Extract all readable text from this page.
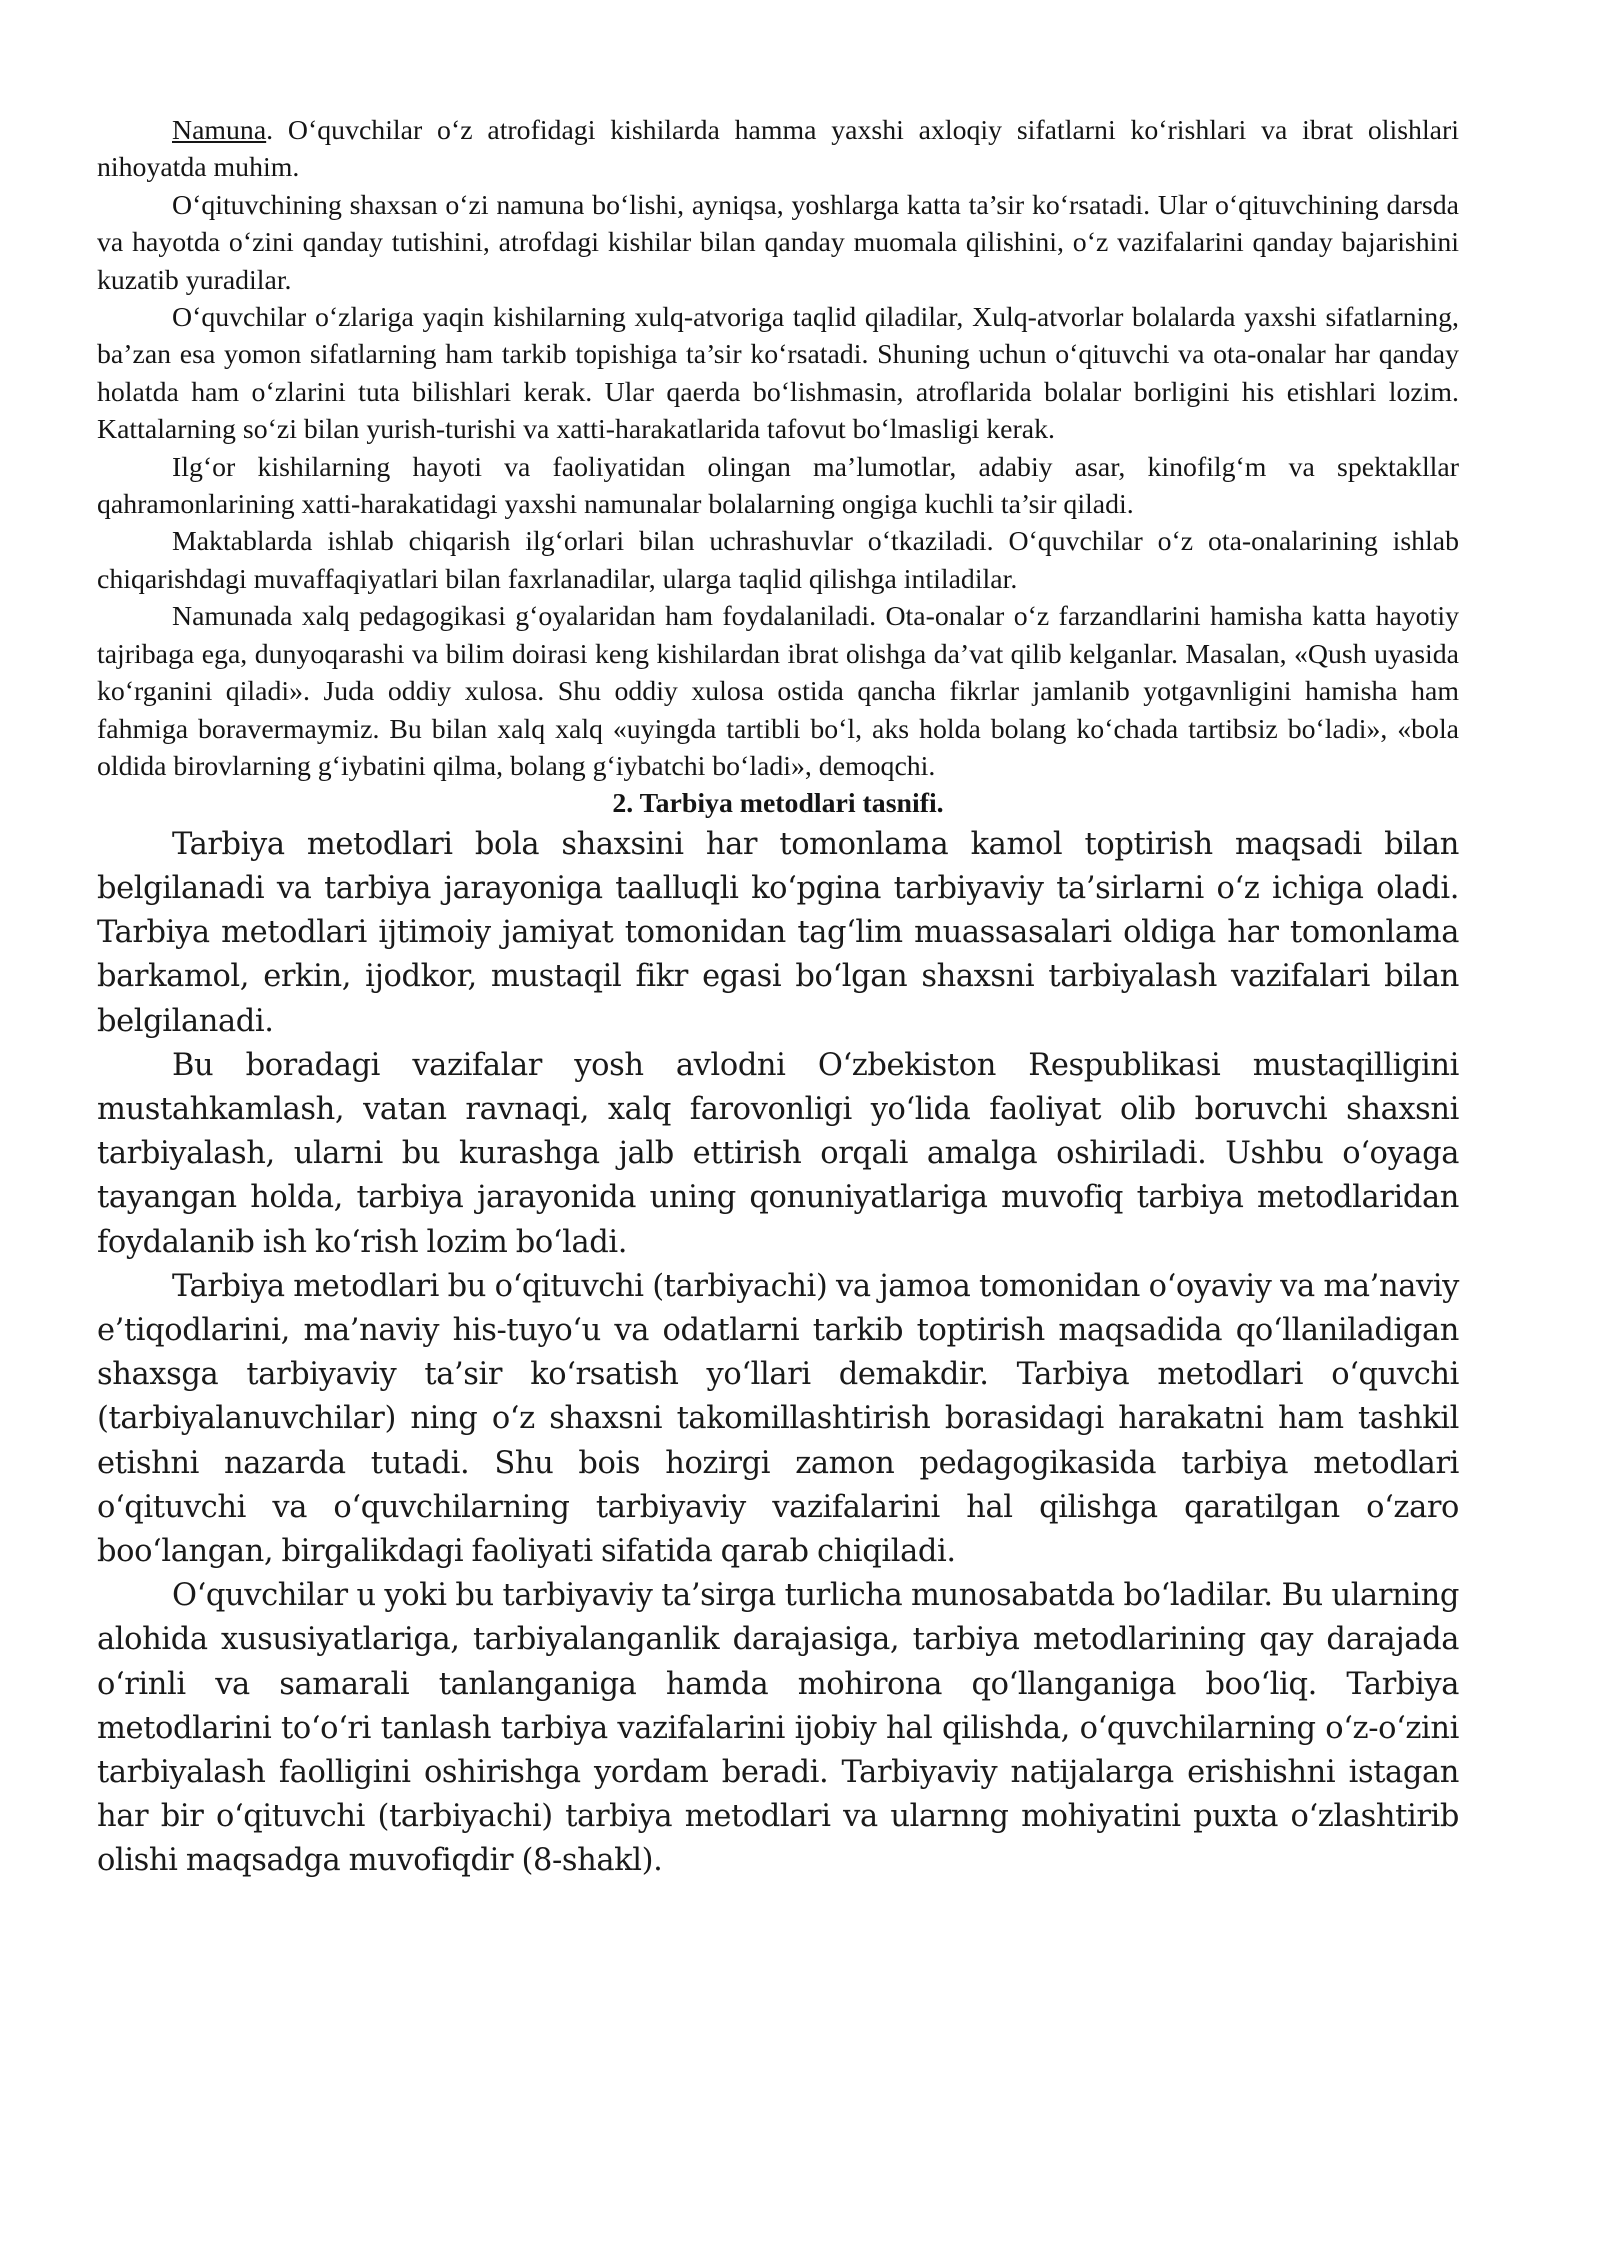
Namuna. O‘quvchilar o‘z atrofidagi kishilarda hamma yaxshi axloqiy sifatlarni ko‘rishlari va ibrat olishlari nihoyatda muhim.

O‘qituvchining shaxsan o‘zi namuna bo‘lishi, ayniqsa, yoshlarga katta ta’sir ko‘rsatadi. Ular o‘qituvchining darsda va hayotda o‘zini qanday tutishini, atrofdagi kishilar bilan qanday muomala qilishini, o‘z vazifalarini qanday bajarishini kuzatib yuradilar.

O‘quvchilar o‘zlariga yaqin kishilarning xulq-atvoriga taqlid qiladilar, Xulq-atvorlar bolalarda yaxshi sifatlarning, ba’zan esa yomon sifatlarning ham tarkib topishiga ta’sir ko‘rsatadi. Shuning uchun o‘qituvchi va ota-onalar har qanday holatda ham o‘zlarini tuta bilishlari kerak. Ular qaerda bo‘lishmasin, atroflarida bolalar borligini his etishlari lozim. Kattalarning so‘zi bilan yurish-turishi va xatti-harakatlarida tafovut bo‘lmasligi kerak.

Ilg‘or kishilarning hayoti va faoliyatidan olingan ma’lumotlar, adabiy asar, kinofilg‘m va spektakllar qahramonlarining xatti-harakatidagi yaxshi namunalar bolalarning ongiga kuchli ta’sir qiladi.

Maktablarda ishlab chiqarish ilg‘orlari bilan uchrashuvlar o‘tkaziladi. O‘quvchilar o‘z ota-onalarining ishlab chiqarishdagi muvaffaqiyatlari bilan faxrlanadilar, ularga taqlid qilishga intiladilar.

Namunada xalq pedagogikasi g‘oyalaridan ham foydalaniladi. Ota-onalar o‘z farzandlarini hamisha katta hayotiy tajribaga ega, dunyoqarashi va bilim doirasi keng kishilardan ibrat olishga da’vat qilib kelganlar. Masalan, «Qush uyasida ko‘rganini qiladi». Juda oddiy xulosa. Shu oddiy xulosa ostida qancha fikrlar jamlanib yotgavnligini hamisha ham fahmiga boravermaymiz. Bu bilan xalq xalq «uyingda tartibli bo‘l, aks holda bolang ko‘chada tartibsiz bo‘ladi», «bola oldida birovlarning g‘iybatini qilma, bolang g‘iybatchi bo‘ladi», demoqchi.

2. Tarbiya metodlari tasnifi.

Tarbiya metodlari bola shaxsini har tomonlama kamol toptirish maqsadi bilan belgilanadi va tarbiya jarayoniga taalluqli ko‘pgina tarbiyaviy ta’sirlarni o‘z ichiga oladi. Tarbiya metodlari ijtimoiy jamiyat tomonidan tag‘lim muassasalari oldiga har tomonlama barkamol, erkin, ijodkor, mustaqil fikr egasi bo‘lgan shaxsni tarbiyalash vazifalari bilan belgilanadi.

Bu boradagi vazifalar yosh avlodni O‘zbekiston Respublikasi mustaqilligini mustahkamlash, vatan ravnaqi, xalq farovonligi yo‘lida faoliyat olib boruvchi shaxsni tarbiyalash, ularni bu kurashga jalb ettirish orqali amalga oshiriladi. Ushbu o‘oyaga tayangan holda, tarbiya jarayonida uning qonuniyatlariga muvofiq tarbiya metodlaridan foydalanib ish ko‘rish lozim bo‘ladi.

Tarbiya metodlari bu o‘qituvchi (tarbiyachi) va jamoa tomonidan o‘oyaviy va ma’naviy e’tiqodlarini, ma’naviy his-tuyo‘u va odatlarni tarkib toptirish maqsadida qo‘llaniladigan shaxsga tarbiyaviy ta’sir ko‘rsatish yo‘llari demakdir. Tarbiya metodlari o‘quvchi (tarbiyalanuvchilar) ning o‘z shaxsni takomillashtirish borasidagi harakatni ham tashkil etishni nazarda tutadi. Shu bois hozirgi zamon pedagogikasida tarbiya metodlari o‘qituvchi va o‘quvchilarning tarbiyaviy vazifalarini hal qilishga qaratilgan o‘zaro boo‘langan, birgalikdagi faoliyati sifatida qarab chiqiladi.

O‘quvchilar u yoki bu tarbiyaviy ta’sirga turlicha munosabatda bo‘ladilar. Bu ularning alohida xususiyatlariga, tarbiyalanganlik darajasiga, tarbiya metodlarining qay darajada o‘rinli va samarali tanlanganiga hamda mohirona qo‘llanganiga boo‘liq. Tarbiya metodlarini to‘o‘ri tanlash tarbiya vazifalarini ijobiy hal qilishda, o‘quvchilarning o‘z-o‘zini tarbiyalash faolligini oshirishga yordam beradi. Tarbiyaviy natijalarga erishishni istagan har bir o‘qituvchi (tarbiyachi) tarbiya metodlari va ularnng mohiyatini puxta o‘zlashtirib olishi maqsadga muvofiqdir (8-shakl).
